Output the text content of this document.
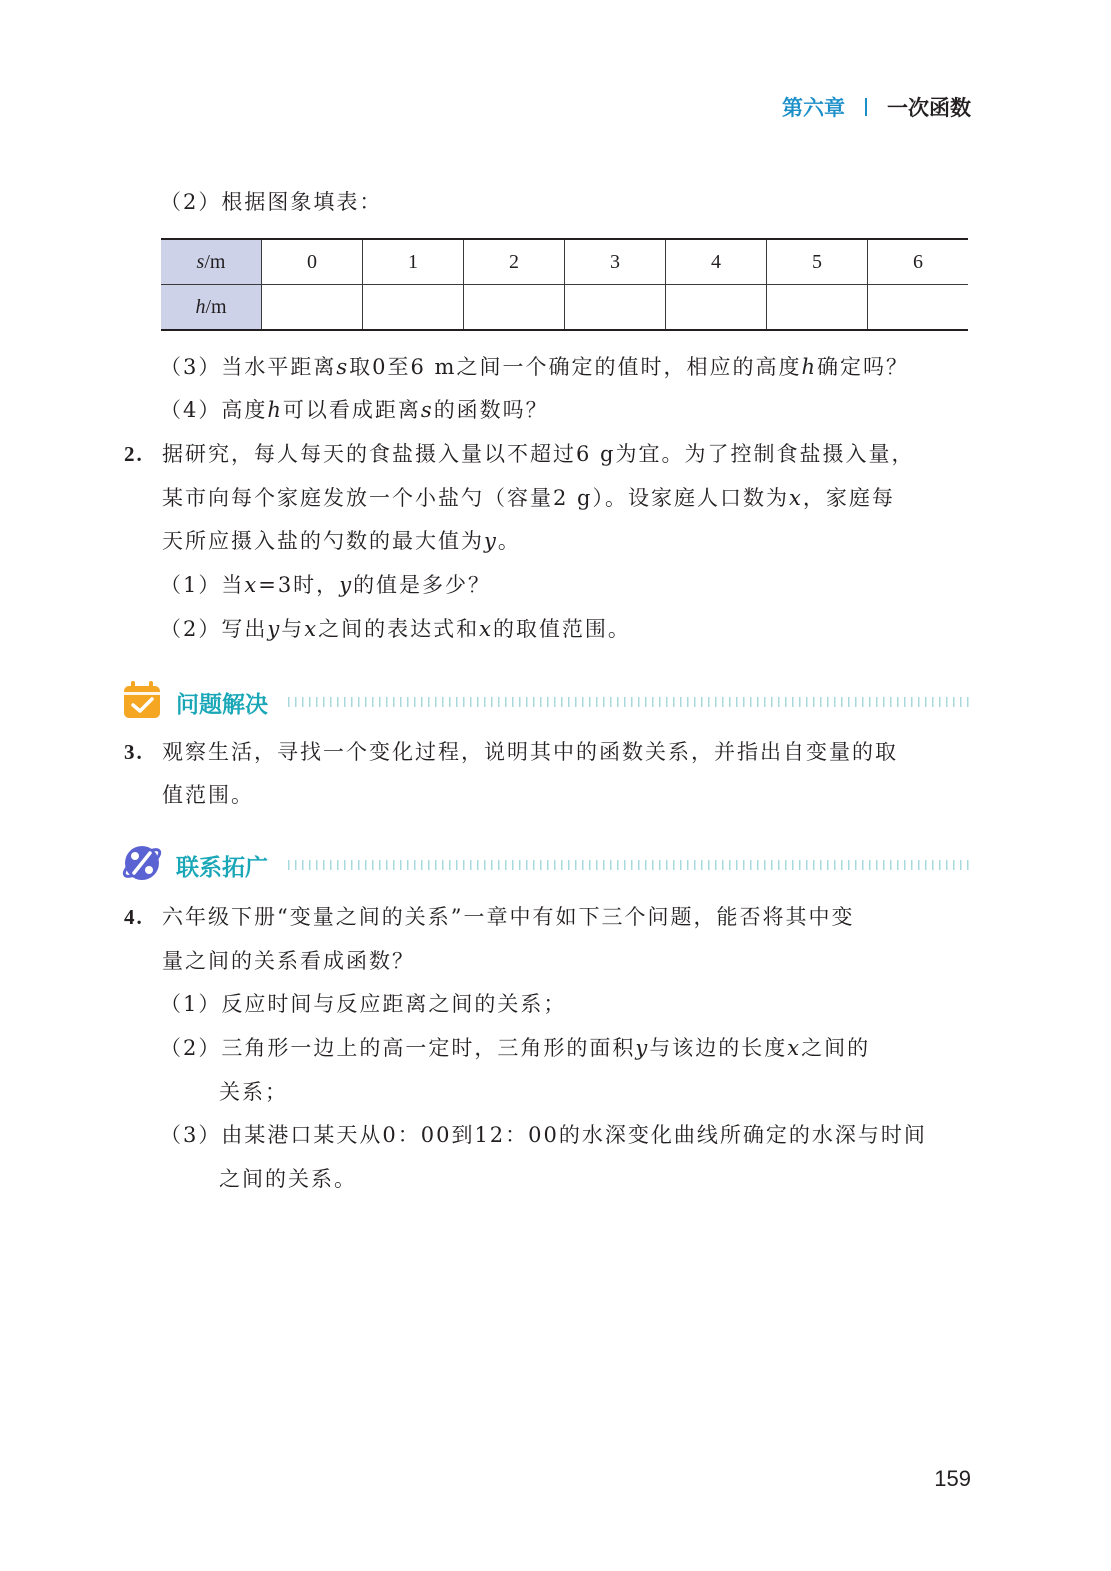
第六章 一次函数
（2）根据图象填表：
s/m	0	1	2	3	4	5	6
h/m							
（3）当水平距离s取0至6 m之间一个确定的值时，相应的高度h确定吗？
（4）高度h可以看成距离s的函数吗？
2. 据研究，每人每天的食盐摄入量以不超过6 g为宜。为了控制食盐摄入量，
某市向每个家庭发放一个小盐勺（容量2 g）。设家庭人口数为x，家庭每
天所应摄入盐的勺数的最大值为y。
（1）当x=3时，y的值是多少？
（2）写出y与x之间的表达式和x的取值范围。
问题解决
3. 观察生活，寻找一个变化过程，说明其中的函数关系，并指出自变量的取
值范围。
联系拓广
4. 六年级下册“变量之间的关系”一章中有如下三个问题，能否将其中变
量之间的关系看成函数？
（1）反应时间与反应距离之间的关系；
（2）三角形一边上的高一定时，三角形的面积y与该边的长度x之间的
关系；
（3）由某港口某天从0：00到12：00的水深变化曲线所确定的水深与时间
之间的关系。
159
